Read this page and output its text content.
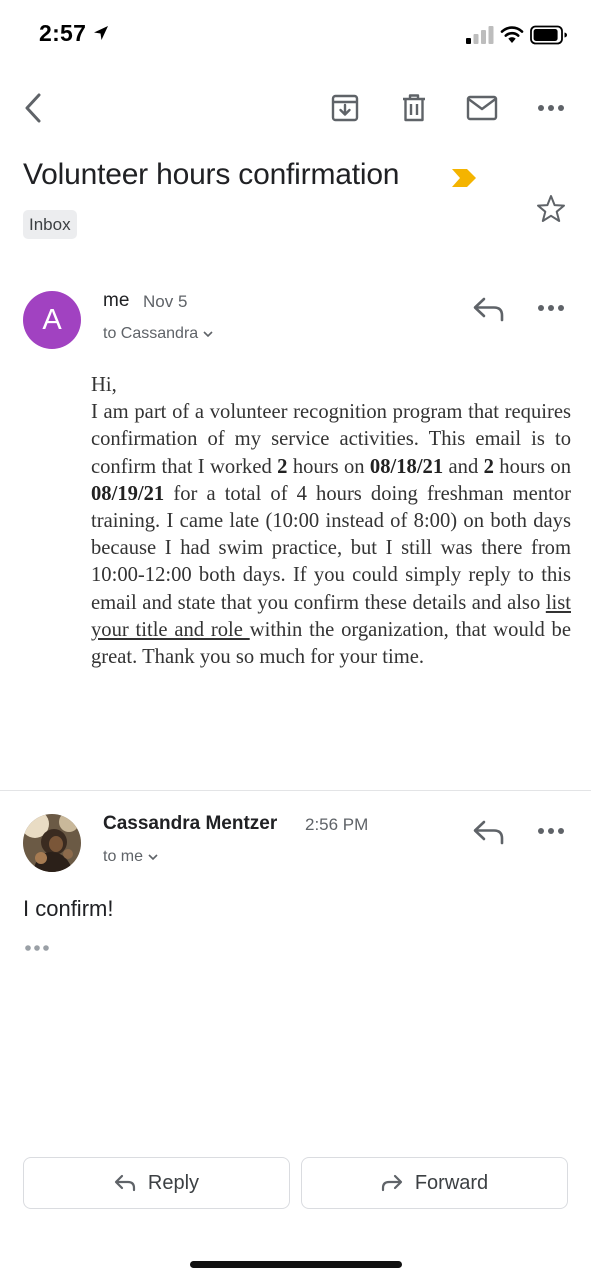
2:57
Volunteer hours confirmation
Inbox
A
me Nov 5
to Cassandra

Hi,

I am part of a volunteer recognition program that requires confirmation of my service activities. This email is to confirm that I worked 2 hours on 08/18/21 and 2 hours on 08/19/21 for a total of 4 hours doing freshman mentor training. I came late (10:00 instead of 8:00) on both days because I had swim practice, but I still was there from 10:00-12:00 both days. If you could simply reply to this email and state that you confirm these details and also list your title and role within the organization, that would be great. Thank you so much for your time.

Cassandra Mentzer 2:56 PM
to me
I confirm!
Reply	Forward
